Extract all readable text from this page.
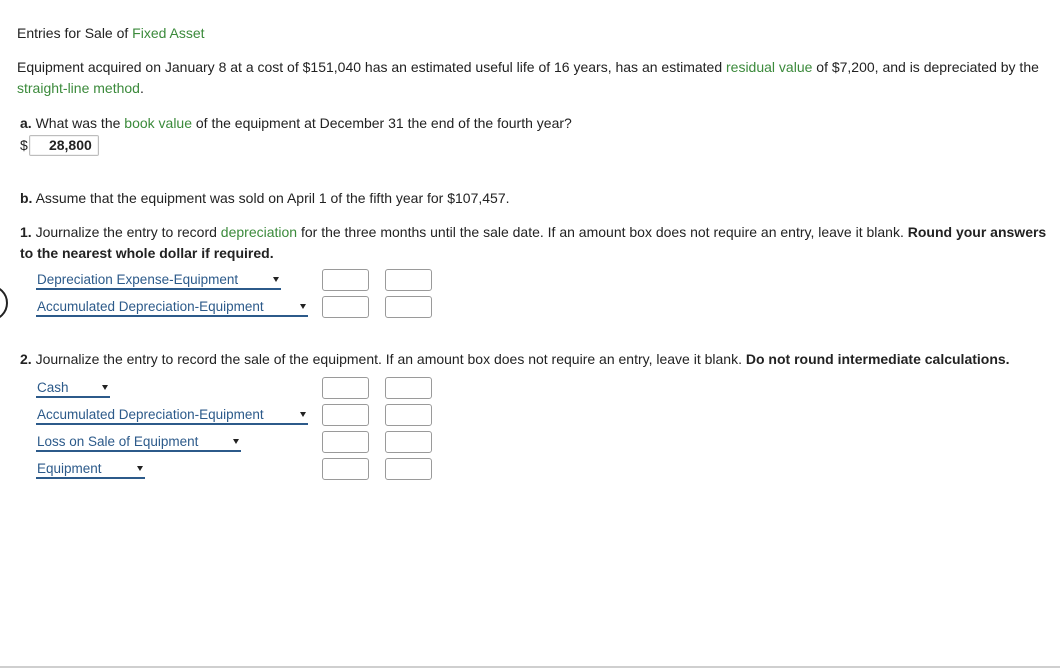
Entries for Sale of Fixed Asset
Equipment acquired on January 8 at a cost of $151,040 has an estimated useful life of 16 years, has an estimated residual value of $7,200, and is depreciated by the straight-line method.
a. What was the book value of the equipment at December 31 the end of the fourth year?
$	28,800
b. Assume that the equipment was sold on April 1 of the fifth year for $107,457.
1. Journalize the entry to record depreciation for the three months until the sale date. If an amount box does not require an entry, leave it blank. Round your answers to the nearest whole dollar if required.
Depreciation Expense-Equipment
Accumulated Depreciation-Equipment
2. Journalize the entry to record the sale of the equipment. If an amount box does not require an entry, leave it blank. Do not round intermediate calculations.
Cash
Accumulated Depreciation-Equipment
Loss on Sale of Equipment
Equipment
